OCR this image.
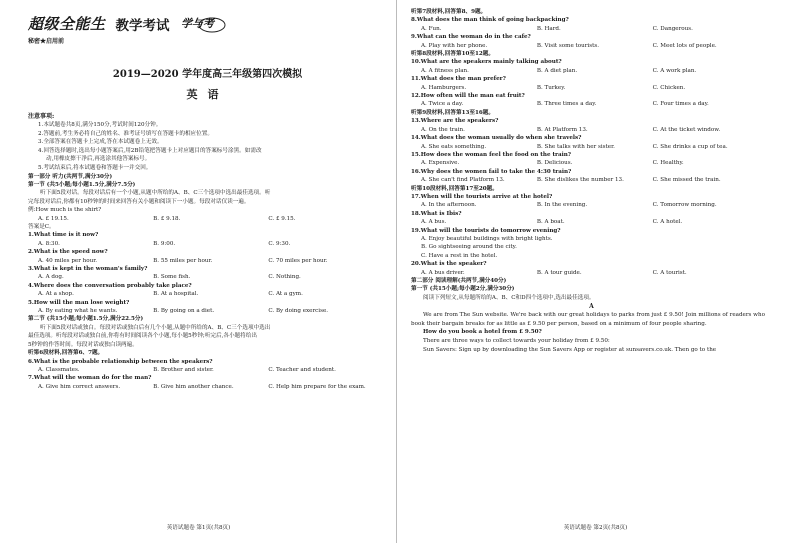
超级全能生 教学考试 学与考
秘密★启用前
2019—2020 学年度高三年级第四次模拟
英语
注意事项:
1.本试题卷共8页,满分150分,考试时间120分钟。
2.答题前,考生务必将自己的姓名、准考证号填写在答题卡的相应位置。
3.全部答案在答题卡上完成,答在本试题卷上无效。
4.回答选择题时,选出每小题答案后,用2B铅笔把答题卡上对应题目的答案标号涂黑。如需改
动,用橡皮擦干净后,再选涂其他答案标号。
5.考试结束后,将本试题卷和答题卡一并交回。
第一部分 听力(共两节,满分30分)
第一节 (共5小题;每小题1.5分,满分7.5分)
听下面5段对话。每段对话后有一个小题,从题中所给的A、B、C三个选项中选出最佳选项。听
完每段对话后,你都有10秒钟的时间来回答有关小题和阅读下一小题。每段对话仅读一遍。
例:How much is the shirt?
A. £ 19.15.	B. £ 9.18.	C. £ 9.15.
答案是C。
1.What time is it now?
A. 8:30.	B. 9:00.	C. 9:30.
2.What is the speed now?
A. 40 miles per hour.	B. 55 miles per hour.	C. 70 miles per hour.
3.What is kept in the woman's family?
A. A dog.	B. Some fish.	C. Nothing.
4.Where does the conversation probably take place?
A. At a shop.	B. At a hospital.	C. At a gym.
5.How will the man lose weight?
A. By eating what he wants.	B. By going on a diet.	C. By doing exercise.
第二节 (共15小题;每小题1.5分,满分22.5分)
听下面5段对话或独白。每段对话或独白后有几个小题,从题中所给的A、B、C三个选项中选出
最佳选项。听每段对话或独白前,你将有时间阅读各个小题,每小题5秒钟;听完后,各小题将给出
5秒钟的作答时间。每段对话或独白读两遍。
听第6段材料,回答第6、7题。
6.What is the probable relationship between the speakers?
A. Classmates.	B. Brother and sister.	C. Teacher and student.
7.What will the woman do for the man?
A. Give him correct answers.	B. Give him another chance.	C. Help him prepare for the exam.
英语试题卷 第1页(共8页)
听第7段材料,回答第8、9题。
8.What does the man think of going backpacking?
A. Fun.	B. Hard.	C. Dangerous.
9.What can the woman do in the cafe?
A. Play with her phone.	B. Visit some tourists.	C. Meet lots of people.
听第8段材料,回答第10至12题。
10.What are the speakers mainly talking about?
A. A fitness plan.	B. A diet plan.	C. A work plan.
11.What does the man prefer?
A. Hamburgers.	B. Turkey.	C. Chicken.
12.How often will the man eat fruit?
A. Twice a day.	B. Three times a day.	C. Four times a day.
听第9段材料,回答第13至16题。
13.Where are the speakers?
A. On the train.	B. At Platform 13.	C. At the ticket window.
14.What does the woman usually do when she travels?
A. She eats something.	B. She talks with her sister.	C. She drinks a cup of tea.
15.How does the woman feel the food on the train?
A. Expensive.	B. Delicious.	C. Healthy.
16.Why does the women fail to take the 4:30 train?
A. She can't find Platform 13.	B. She dislikes the number 13.	C. She missed the train.
听第10段材料,回答第17至20题。
17.When will the tourists arrive at the hotel?
A. In the afternoon.	B. In the evening.	C. Tomorrow morning.
18.What is Ibis?
A. A bus.	B. A boat.	C. A hotel.
19.What will the tourists do tomorrow evening?
A. Enjoy beautiful buildings with bright lights.
B. Go sightseeing around the city.
C. Have a rest in the hotel.
20.What is the speaker?
A. A bus driver.	B. A tour guide.	C. A tourist.
第二部分 阅读理解(共两节,满分40分)
第一节 (共15小题;每小题2分,满分30分)
阅读下列短文,从每题所给的A、B、C和D四个选项中,选出最佳选项。
A
We are from The Sun website. We're back with our great holidays to parks from just £ 9.50! Join millions of readers who book their bargain breaks for as little as £ 9.50 per person, based on a minimum of four people sharing.
How do you book a hotel from £ 9.50?
There are three ways to collect towards your holiday from £ 9.50:
Sun Savers: Sign up by downloading the Sun Savers App or register at sunsavers.co.uk. Then go to the
英语试题卷 第2页(共8页)
